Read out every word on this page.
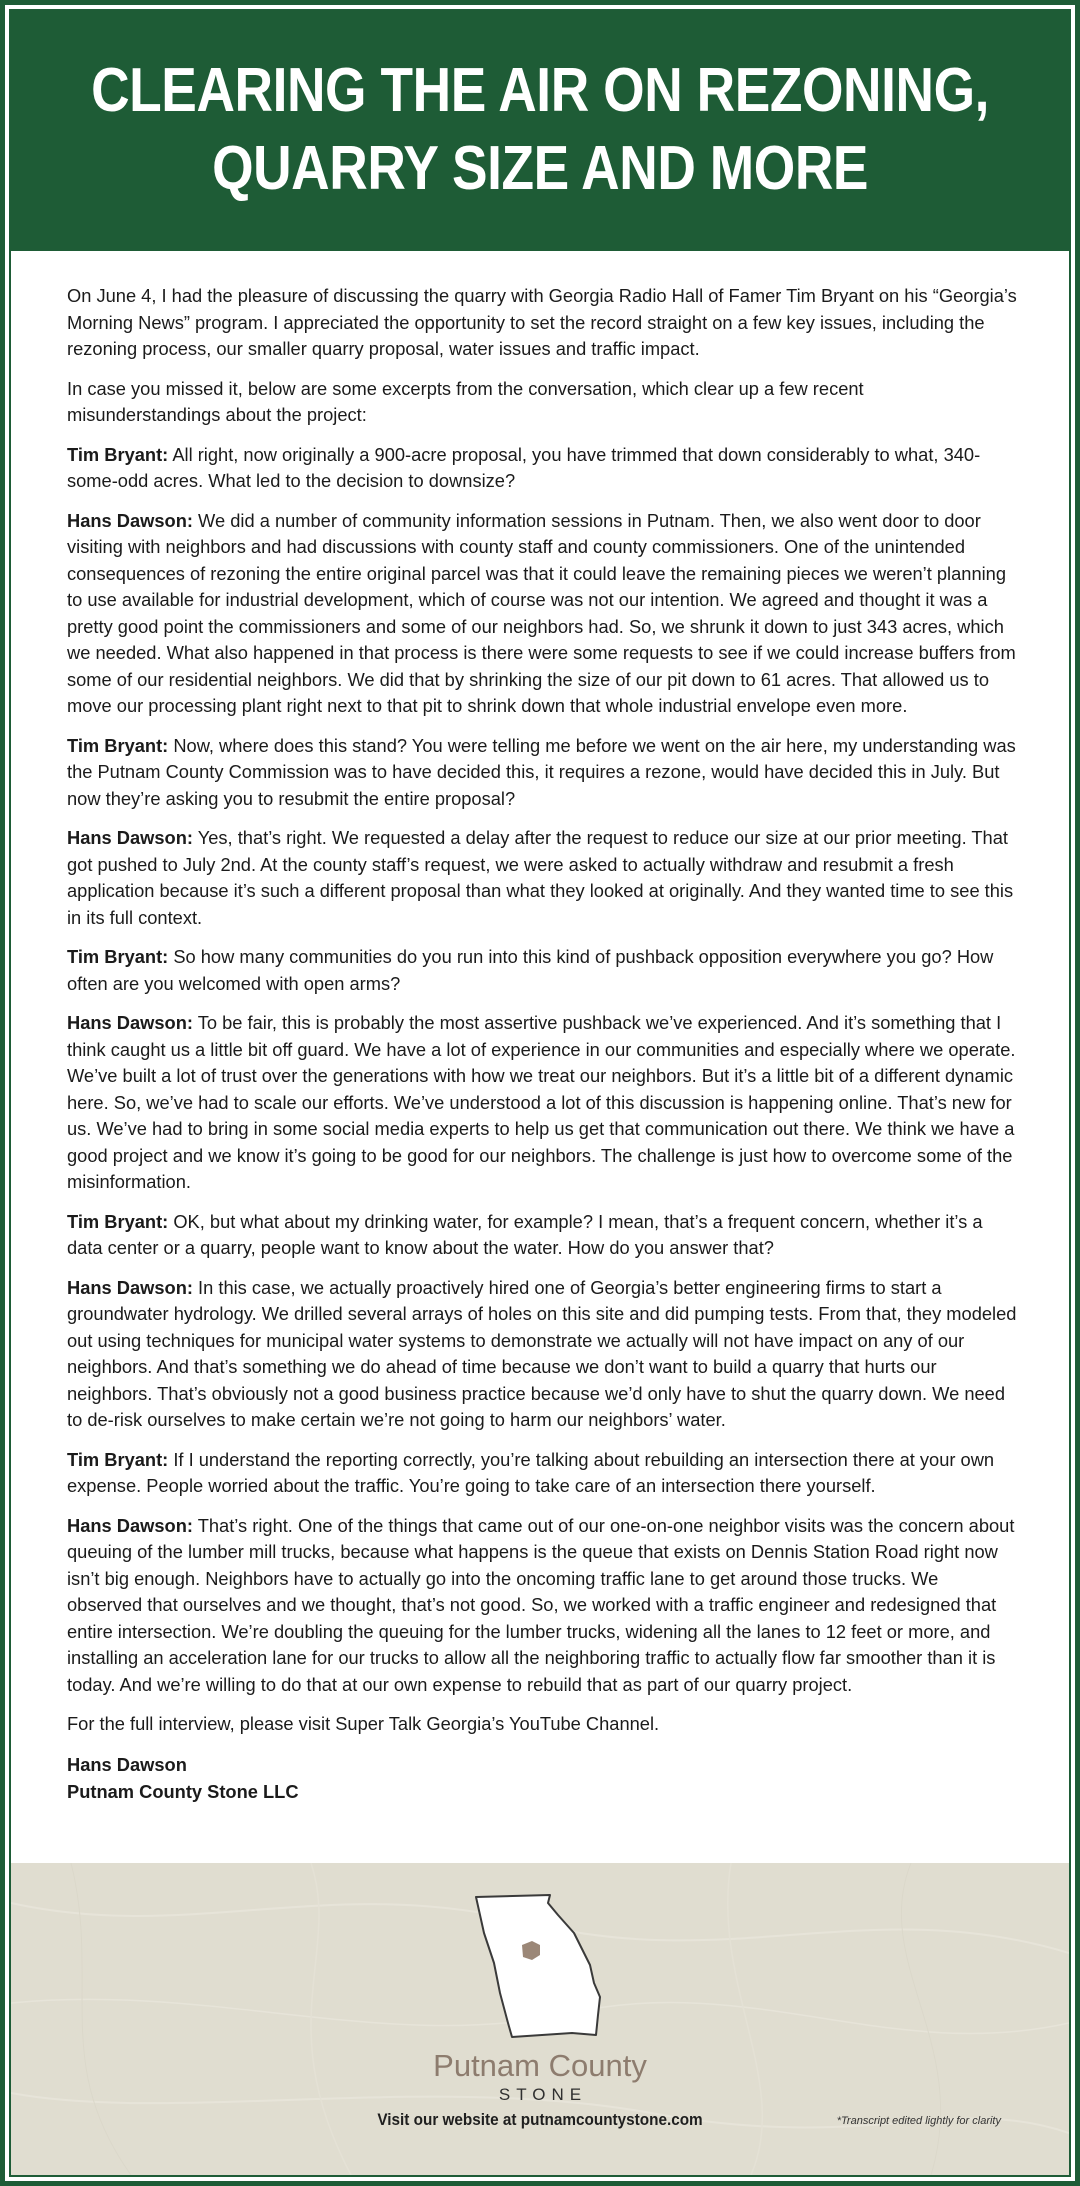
CLEARING THE AIR ON REZONING,
QUARRY SIZE AND MORE

On June 4, I had the pleasure of discussing the quarry with Georgia Radio Hall of Famer Tim Bryant on his “Georgia’s Morning News” program. I appreciated the opportunity to set the record straight on a few key issues, including the rezoning process, our smaller quarry proposal, water issues and traffic impact.

In case you missed it, below are some excerpts from the conversation, which clear up a few recent misunderstandings about the project:

Tim Bryant: All right, now originally a 900-acre proposal, you have trimmed that down considerably to what, 340-some-odd acres. What led to the decision to downsize?

Hans Dawson: We did a number of community information sessions in Putnam. Then, we also went door to door visiting with neighbors and had discussions with county staff and county commissioners. One of the unintended consequences of rezoning the entire original parcel was that it could leave the remaining pieces we weren’t planning to use available for industrial development, which of course was not our intention. We agreed and thought it was a pretty good point the commissioners and some of our neighbors had. So, we shrunk it down to just 343 acres, which we needed. What also happened in that process is there were some requests to see if we could increase buffers from some of our residential neighbors. We did that by shrinking the size of our pit down to 61 acres. That allowed us to move our processing plant right next to that pit to shrink down that whole industrial envelope even more.

Tim Bryant: Now, where does this stand? You were telling me before we went on the air here, my understanding was the Putnam County Commission was to have decided this, it requires a rezone, would have decided this in July. But now they’re asking you to resubmit the entire proposal?

Hans Dawson: Yes, that’s right. We requested a delay after the request to reduce our size at our prior meeting. That got pushed to July 2nd. At the county staff’s request, we were asked to actually withdraw and resubmit a fresh application because it’s such a different proposal than what they looked at originally. And they wanted time to see this in its full context.

Tim Bryant: So how many communities do you run into this kind of pushback opposition everywhere you go? How often are you welcomed with open arms?

Hans Dawson: To be fair, this is probably the most assertive pushback we’ve experienced. And it’s something that I think caught us a little bit off guard. We have a lot of experience in our communities and especially where we operate. We’ve built a lot of trust over the generations with how we treat our neighbors. But it’s a little bit of a different dynamic here. So, we’ve had to scale our efforts. We’ve understood a lot of this discussion is happening online. That’s new for us. We’ve had to bring in some social media experts to help us get that communication out there. We think we have a good project and we know it’s going to be good for our neighbors. The challenge is just how to overcome some of the misinformation.

Tim Bryant: OK, but what about my drinking water, for example? I mean, that’s a frequent concern, whether it’s a data center or a quarry, people want to know about the water. How do you answer that?

Hans Dawson: In this case, we actually proactively hired one of Georgia’s better engineering firms to start a groundwater hydrology. We drilled several arrays of holes on this site and did pumping tests. From that, they modeled out using techniques for municipal water systems to demonstrate we actually will not have impact on any of our neighbors. And that’s something we do ahead of time because we don’t want to build a quarry that hurts our neighbors. That’s obviously not a good business practice because we’d only have to shut the quarry down. We need to de-risk ourselves to make certain we’re not going to harm our neighbors’ water.

Tim Bryant: If I understand the reporting correctly, you’re talking about rebuilding an intersection there at your own expense. People worried about the traffic. You’re going to take care of an intersection there yourself.

Hans Dawson: That’s right. One of the things that came out of our one-on-one neighbor visits was the concern about queuing of the lumber mill trucks, because what happens is the queue that exists on Dennis Station Road right now isn’t big enough. Neighbors have to actually go into the oncoming traffic lane to get around those trucks. We observed that ourselves and we thought, that’s not good. So, we worked with a traffic engineer and redesigned that entire intersection. We’re doubling the queuing for the lumber trucks, widening all the lanes to 12 feet or more, and installing an acceleration lane for our trucks to allow all the neighboring traffic to actually flow far smoother than it is today. And we’re willing to do that at our own expense to rebuild that as part of our quarry project.

For the full interview, please visit Super Talk Georgia’s YouTube Channel.

Hans Dawson
Putnam County Stone LLC
Putnam County
STONE
Visit our website at putnamcountystone.com	*Transcript edited lightly for clarity
